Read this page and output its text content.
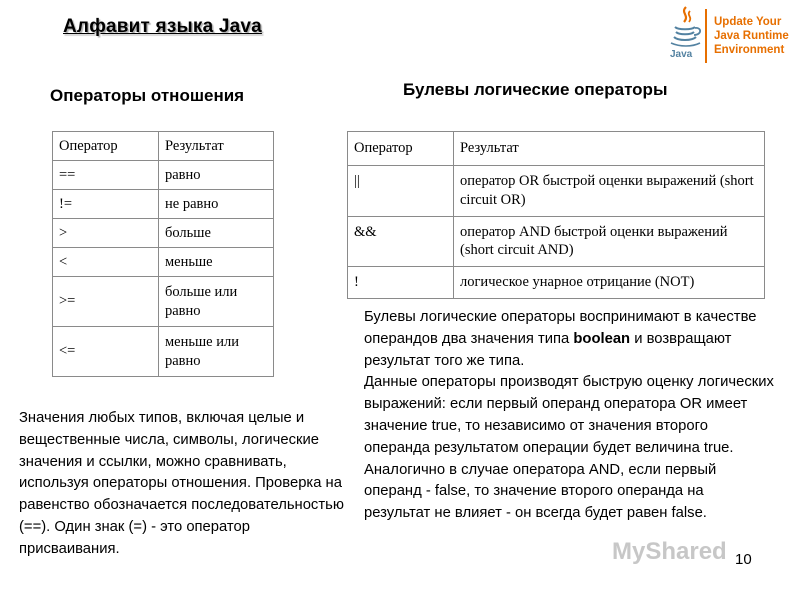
Алфавит языка Java
Java
Update Your
Java Runtime
Environment
Операторы отношения	Булевы логические операторы
Оператор	Результат
==	равно
!=	не равно
>	больше
<	меньше
>=	больше или равно
<=	меньше или равно
Оператор	Результат
||	оператор OR быстрой оценки выражений (short circuit OR)
&&	оператор AND быстрой оценки выражений (short circuit AND)
!	логическое унарное отрицание (NOT)
Значения любых типов, включая целые и вещественные числа, символы, логические значения и ссылки, можно сравнивать, используя операторы отношения. Проверка на равенство обозначается последовательностью (==). Один знак (=) - это оператор присваивания.
Булевы логические операторы воспринимают в качестве операндов два значения типа boolean и возвращают результат того же типа.
Данные операторы производят быструю оценку логических выражений: если первый операнд оператора OR имеет значение true, то независимо от значения второго операнда результатом операции будет величина true. Аналогично в случае оператора AND, если первый операнд - false, то значение второго операнда на результат не влияет - он всегда будет равен false.
MyShared 10
